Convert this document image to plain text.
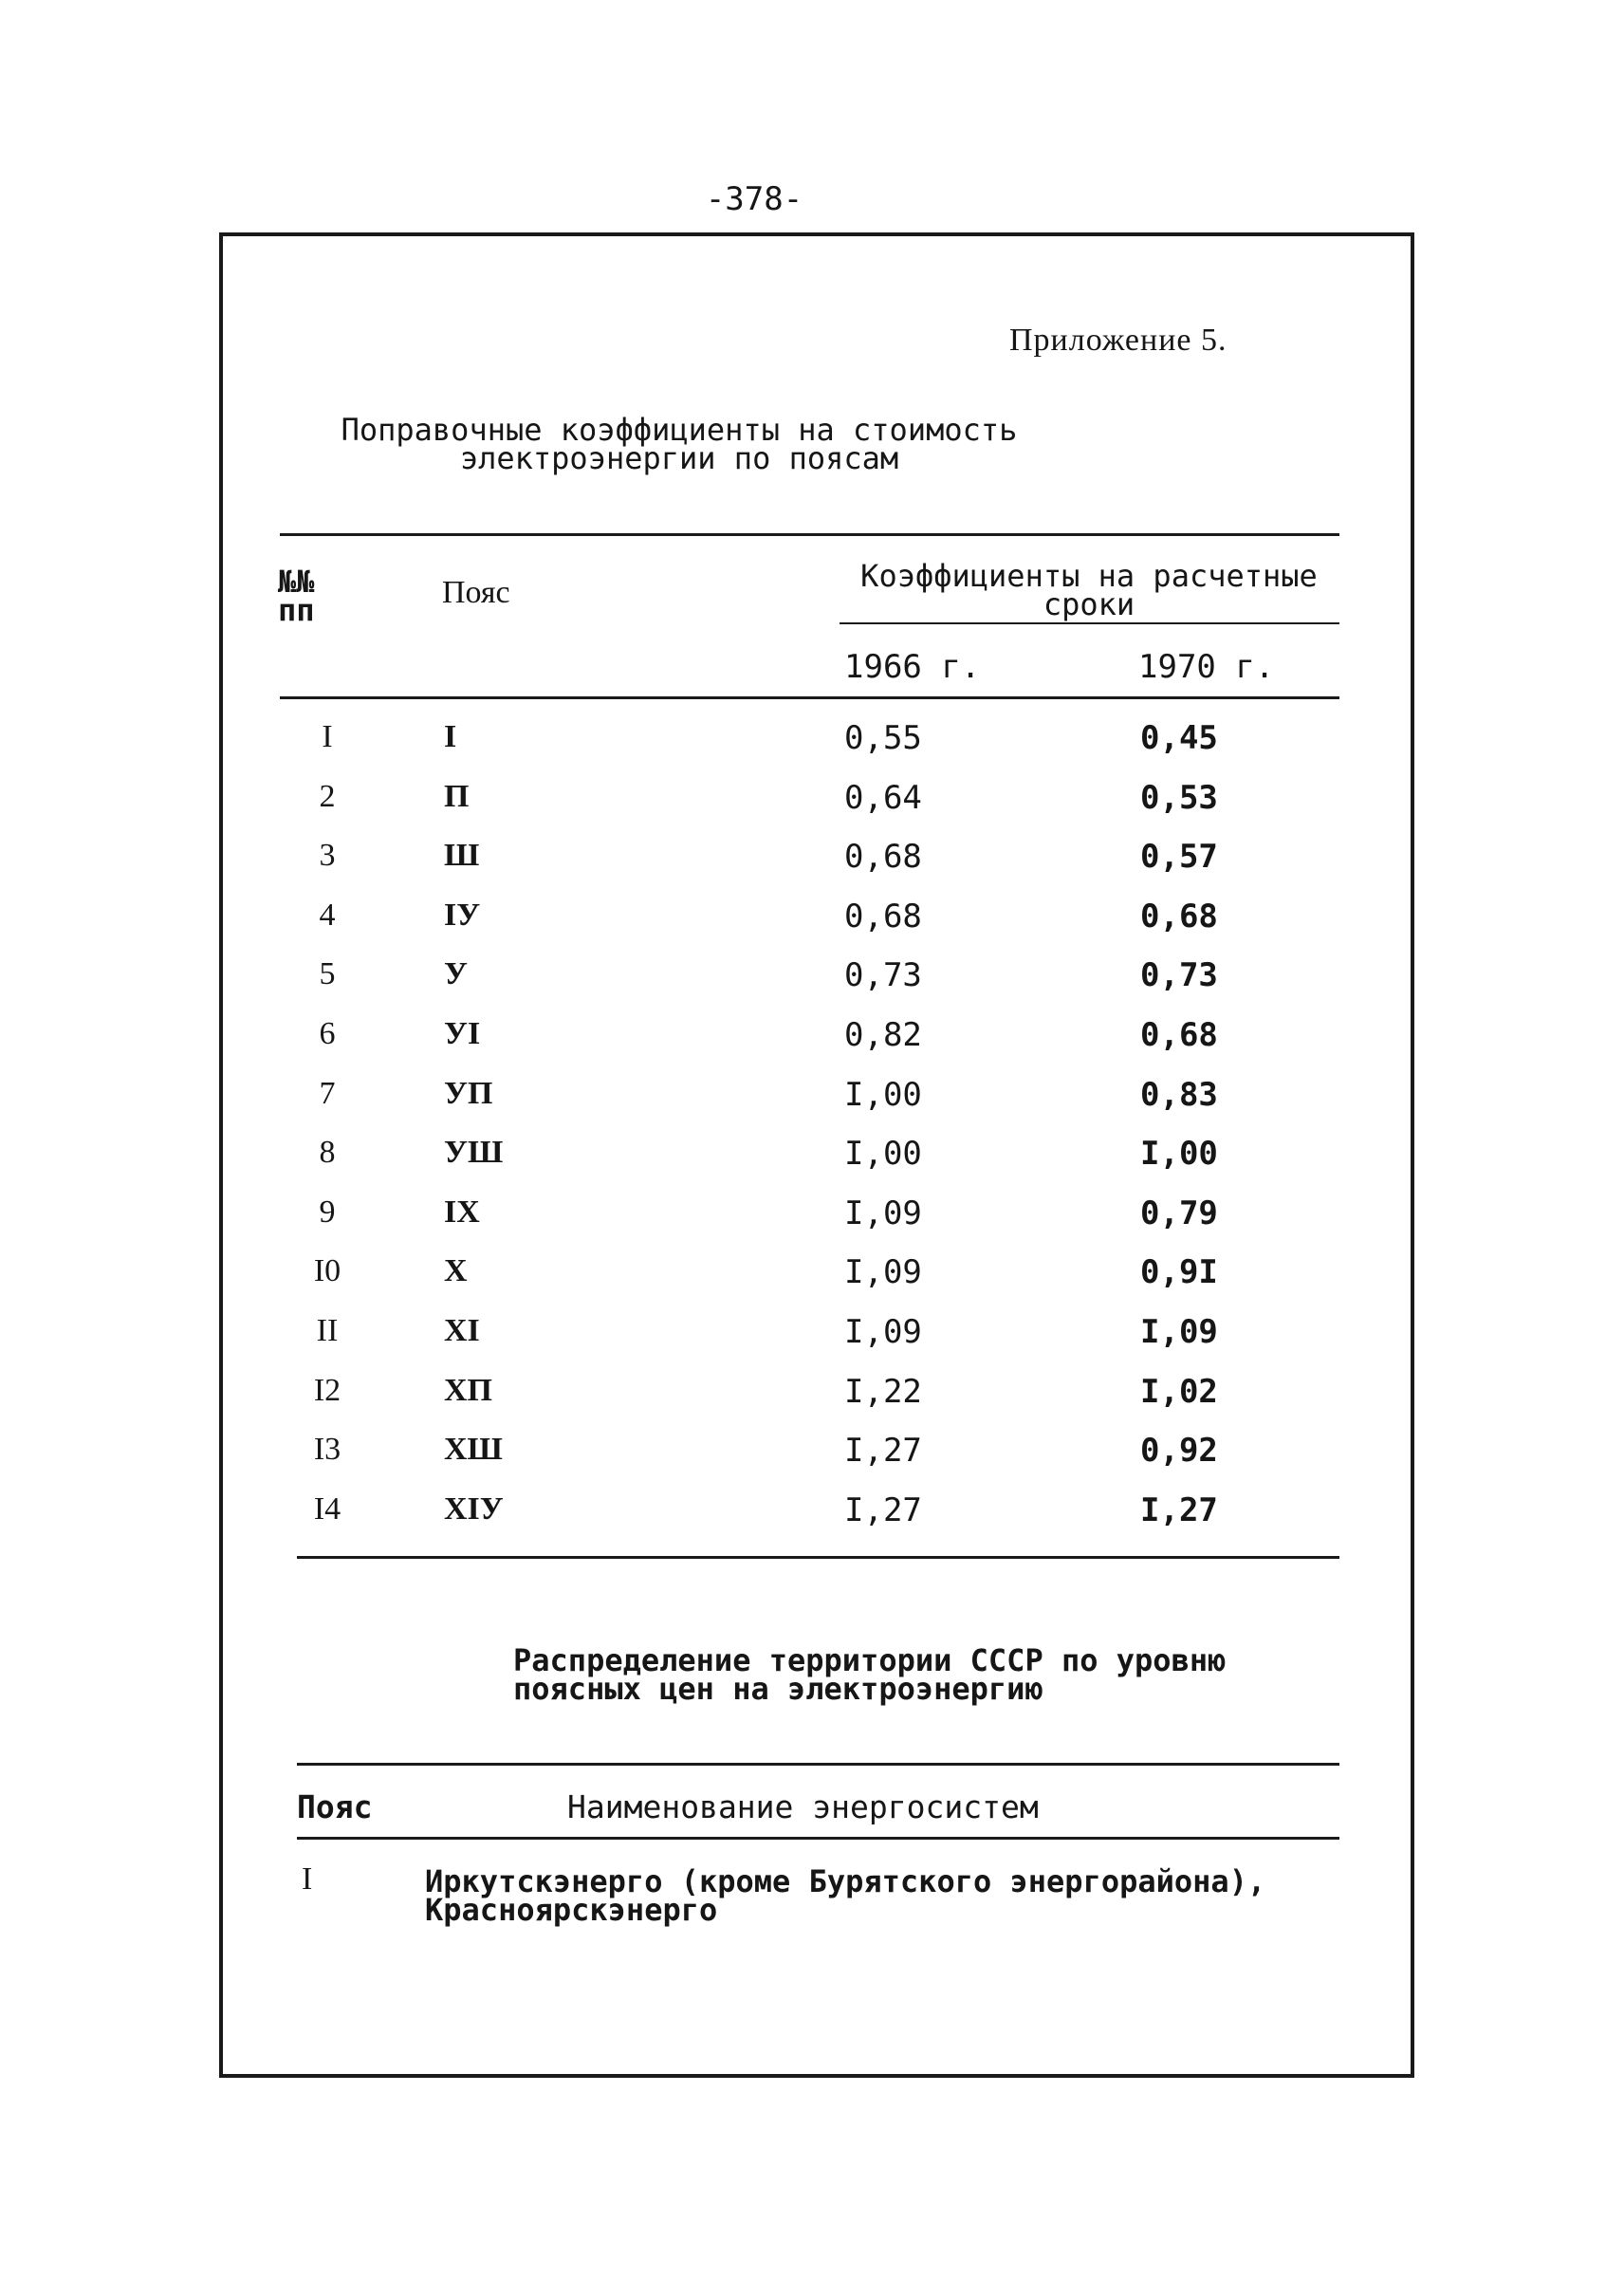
-378-
Приложение 5.
Поправочные коэффициенты на стоимость
электроэнергии по поясам
№№
пп	Пояс	Коэффициенты на расчетные
сроки
1966 г.	1970 г.
I	I	0,55	0,45
2	П	0,64	0,53
3	Ш	0,68	0,57
4	IУ	0,68	0,68
5	У	0,73	0,73
6	УI	0,82	0,68
7	УП	I,00	0,83
8	УШ	I,00	I,00
9	IX	I,09	0,79
I0	X	I,09	0,9I
II	XI	I,09	I,09
I2	XП	I,22	I,02
I3	XШ	I,27	0,92
I4	XIУ	I,27	I,27
Распределение территории СССР по уровню
поясных цен на электроэнергию
Пояс	Наименование энергосистем
I	Иркутскэнерго (кроме Бурятского энергорайона),
Красноярскэнерго
